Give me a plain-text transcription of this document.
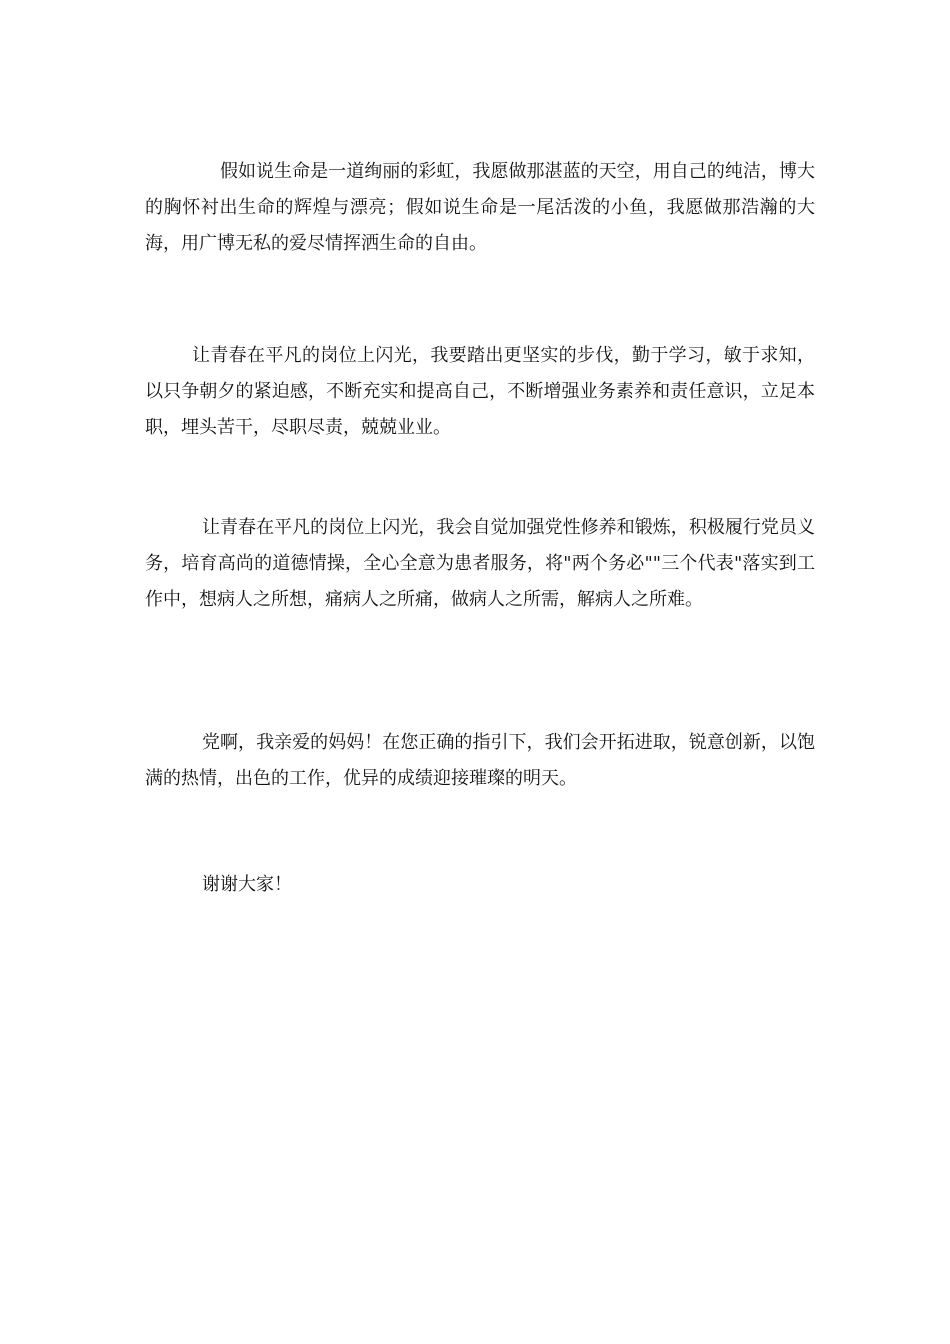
假如说生命是一道绚丽的彩虹，我愿做那湛蓝的天空，用自己的纯洁，博大的胸怀衬出生命的辉煌与漂亮；假如说生命是一尾活泼的小鱼，我愿做那浩瀚的大海，用广博无私的爱尽情挥洒生命的自由。

让青春在平凡的岗位上闪光，我要踏出更坚实的步伐，勤于学习，敏于求知，以只争朝夕的紧迫感，不断充实和提高自己，不断增强业务素养和责任意识，立足本职，埋头苦干，尽职尽责，兢兢业业。

让青春在平凡的岗位上闪光，我会自觉加强党性修养和锻炼，积极履行党员义务，培育高尚的道德情操，全心全意为患者服务，将"两个务必""三个代表"落实到工作中，想病人之所想，痛病人之所痛，做病人之所需，解病人之所难。

党啊，我亲爱的妈妈！在您正确的指引下，我们会开拓进取，锐意创新，以饱满的热情，出色的工作，优异的成绩迎接璀璨的明天。

谢谢大家！
